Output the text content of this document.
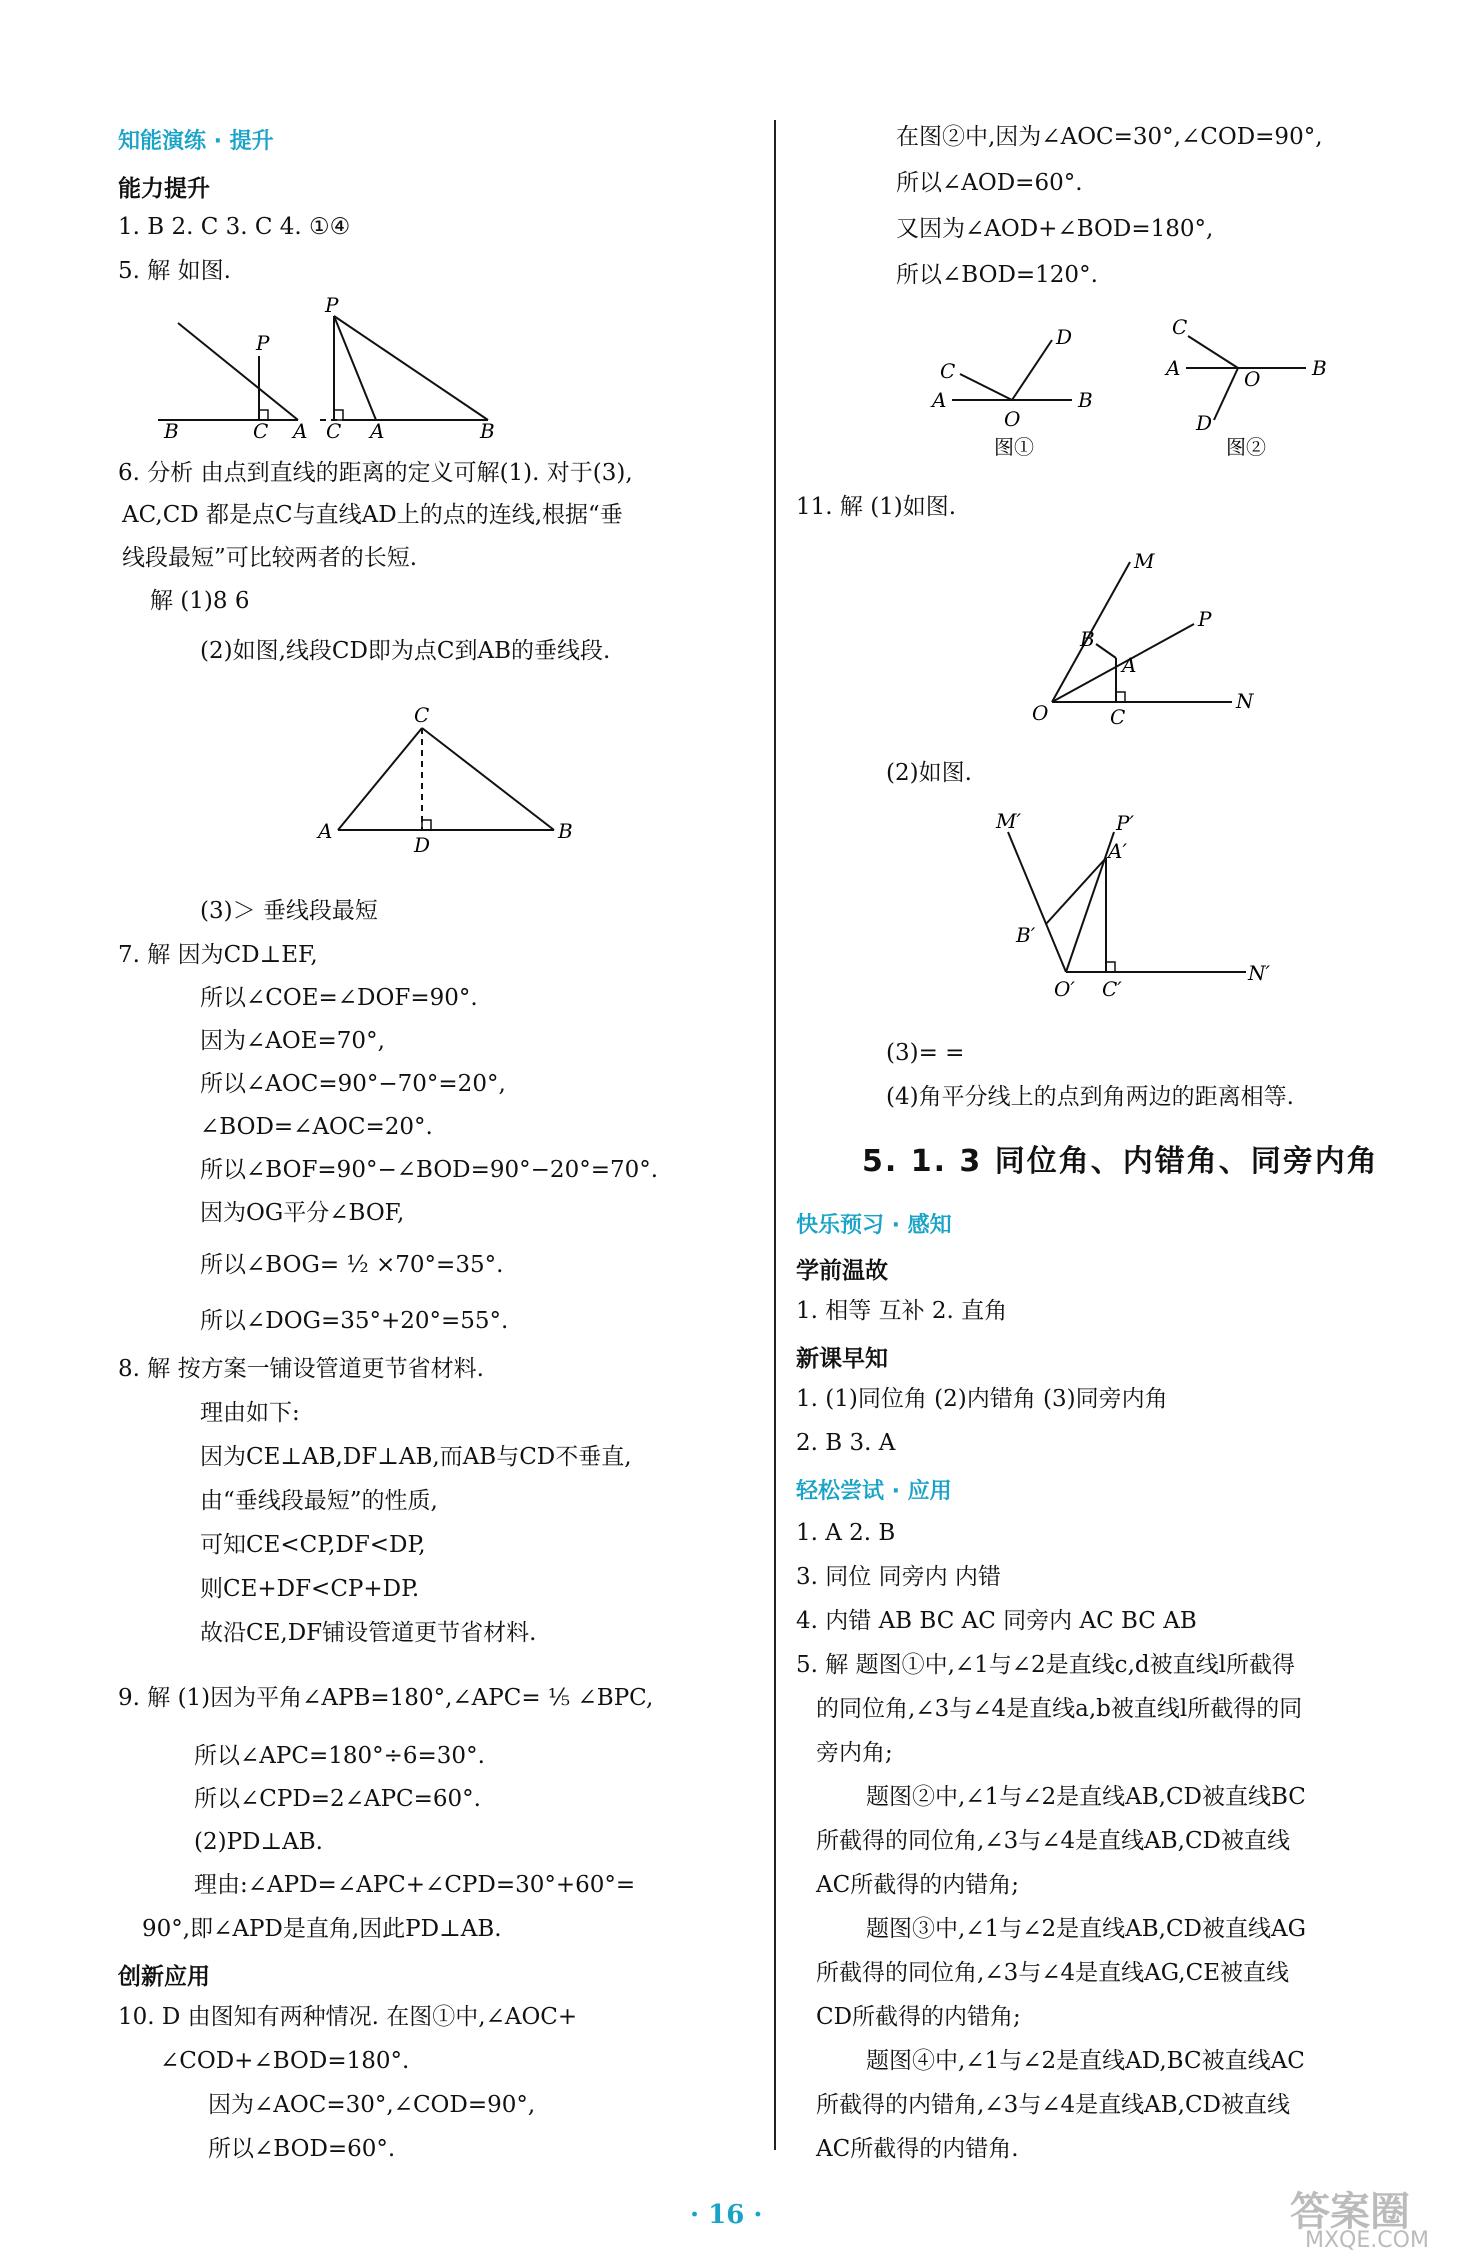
知能演练 · 提升
能力提升
1. B 2. C 3. C 4. ①④
5. 解 如图.
B	C A
P
P
C A	B
6. 分析 由点到直线的距离的定义可解(1). 对于(3),
AC,CD 都是点C与直线AD上的点的连线,根据“垂
线段最短”可比较两者的长短.
解 (1)8 6
(2)如图,线段CD即为点C到AB的垂线段.
C
A	B
D
(3)＞ 垂线段最短
7. 解 因为CD⊥EF,
所以∠COE=∠DOF=90°.
因为∠AOE=70°,
所以∠AOC=90°−70°=20°,
∠BOD=∠AOC=20°.
所以∠BOF=90°−∠BOD=90°−20°=70°.
因为OG平分∠BOF,
所以∠BOG= ½ ×70°=35°.
所以∠DOG=35°+20°=55°.
8. 解 按方案一铺设管道更节省材料.
理由如下:
因为CE⊥AB,DF⊥AB,而AB与CD不垂直,
由“垂线段最短”的性质,
可知CE<CP,DF<DP,
则CE+DF<CP+DP.
故沿CE,DF铺设管道更节省材料.
9. 解 (1)因为平角∠APB=180°,∠APC= ⅕ ∠BPC,
所以∠APC=180°÷6=30°.
所以∠CPD=2∠APC=60°.
(2)PD⊥AB.
理由:∠APD=∠APC+∠CPD=30°+60°=
90°,即∠APD是直角,因此PD⊥AB.
创新应用
10. D 由图知有两种情况. 在图①中,∠AOC+
∠COD+∠BOD=180°.
因为∠AOC=30°,∠COD=90°,
所以∠BOD=60°.
在图②中,因为∠AOC=30°,∠COD=90°,
所以∠AOD=60°.
又因为∠AOD+∠BOD=180°,
所以∠BOD=120°.
C
D
A	B
O
图①
C
A	B
O
D
图②
11. 解 (1)如图.
M
P
B
A
O	C
N
(2)如图.
M′	P′
A′
B′
O′ C′
N′
(3)= =
(4)角平分线上的点到角两边的距离相等.
5. 1. 3 同位角、内错角、同旁内角
快乐预习 · 感知
学前温故
1. 相等 互补 2. 直角
新课早知
1. (1)同位角 (2)内错角 (3)同旁内角
2. B 3. A
轻松尝试 · 应用
1. A 2. B
3. 同位 同旁内 内错
4. 内错 AB BC AC 同旁内 AC BC AB
5. 解 题图①中,∠1与∠2是直线c,d被直线l所截得
的同位角,∠3与∠4是直线a,b被直线l所截得的同
旁内角;
题图②中,∠1与∠2是直线AB,CD被直线BC
所截得的同位角,∠3与∠4是直线AB,CD被直线
AC所截得的内错角;
题图③中,∠1与∠2是直线AB,CD被直线AG
所截得的同位角,∠3与∠4是直线AG,CE被直线
CD所截得的内错角;
题图④中,∠1与∠2是直线AD,BC被直线AC
所截得的内错角,∠3与∠4是直线AB,CD被直线
AC所截得的内错角.
· 16 ·	答案圈
MXQE.COM
